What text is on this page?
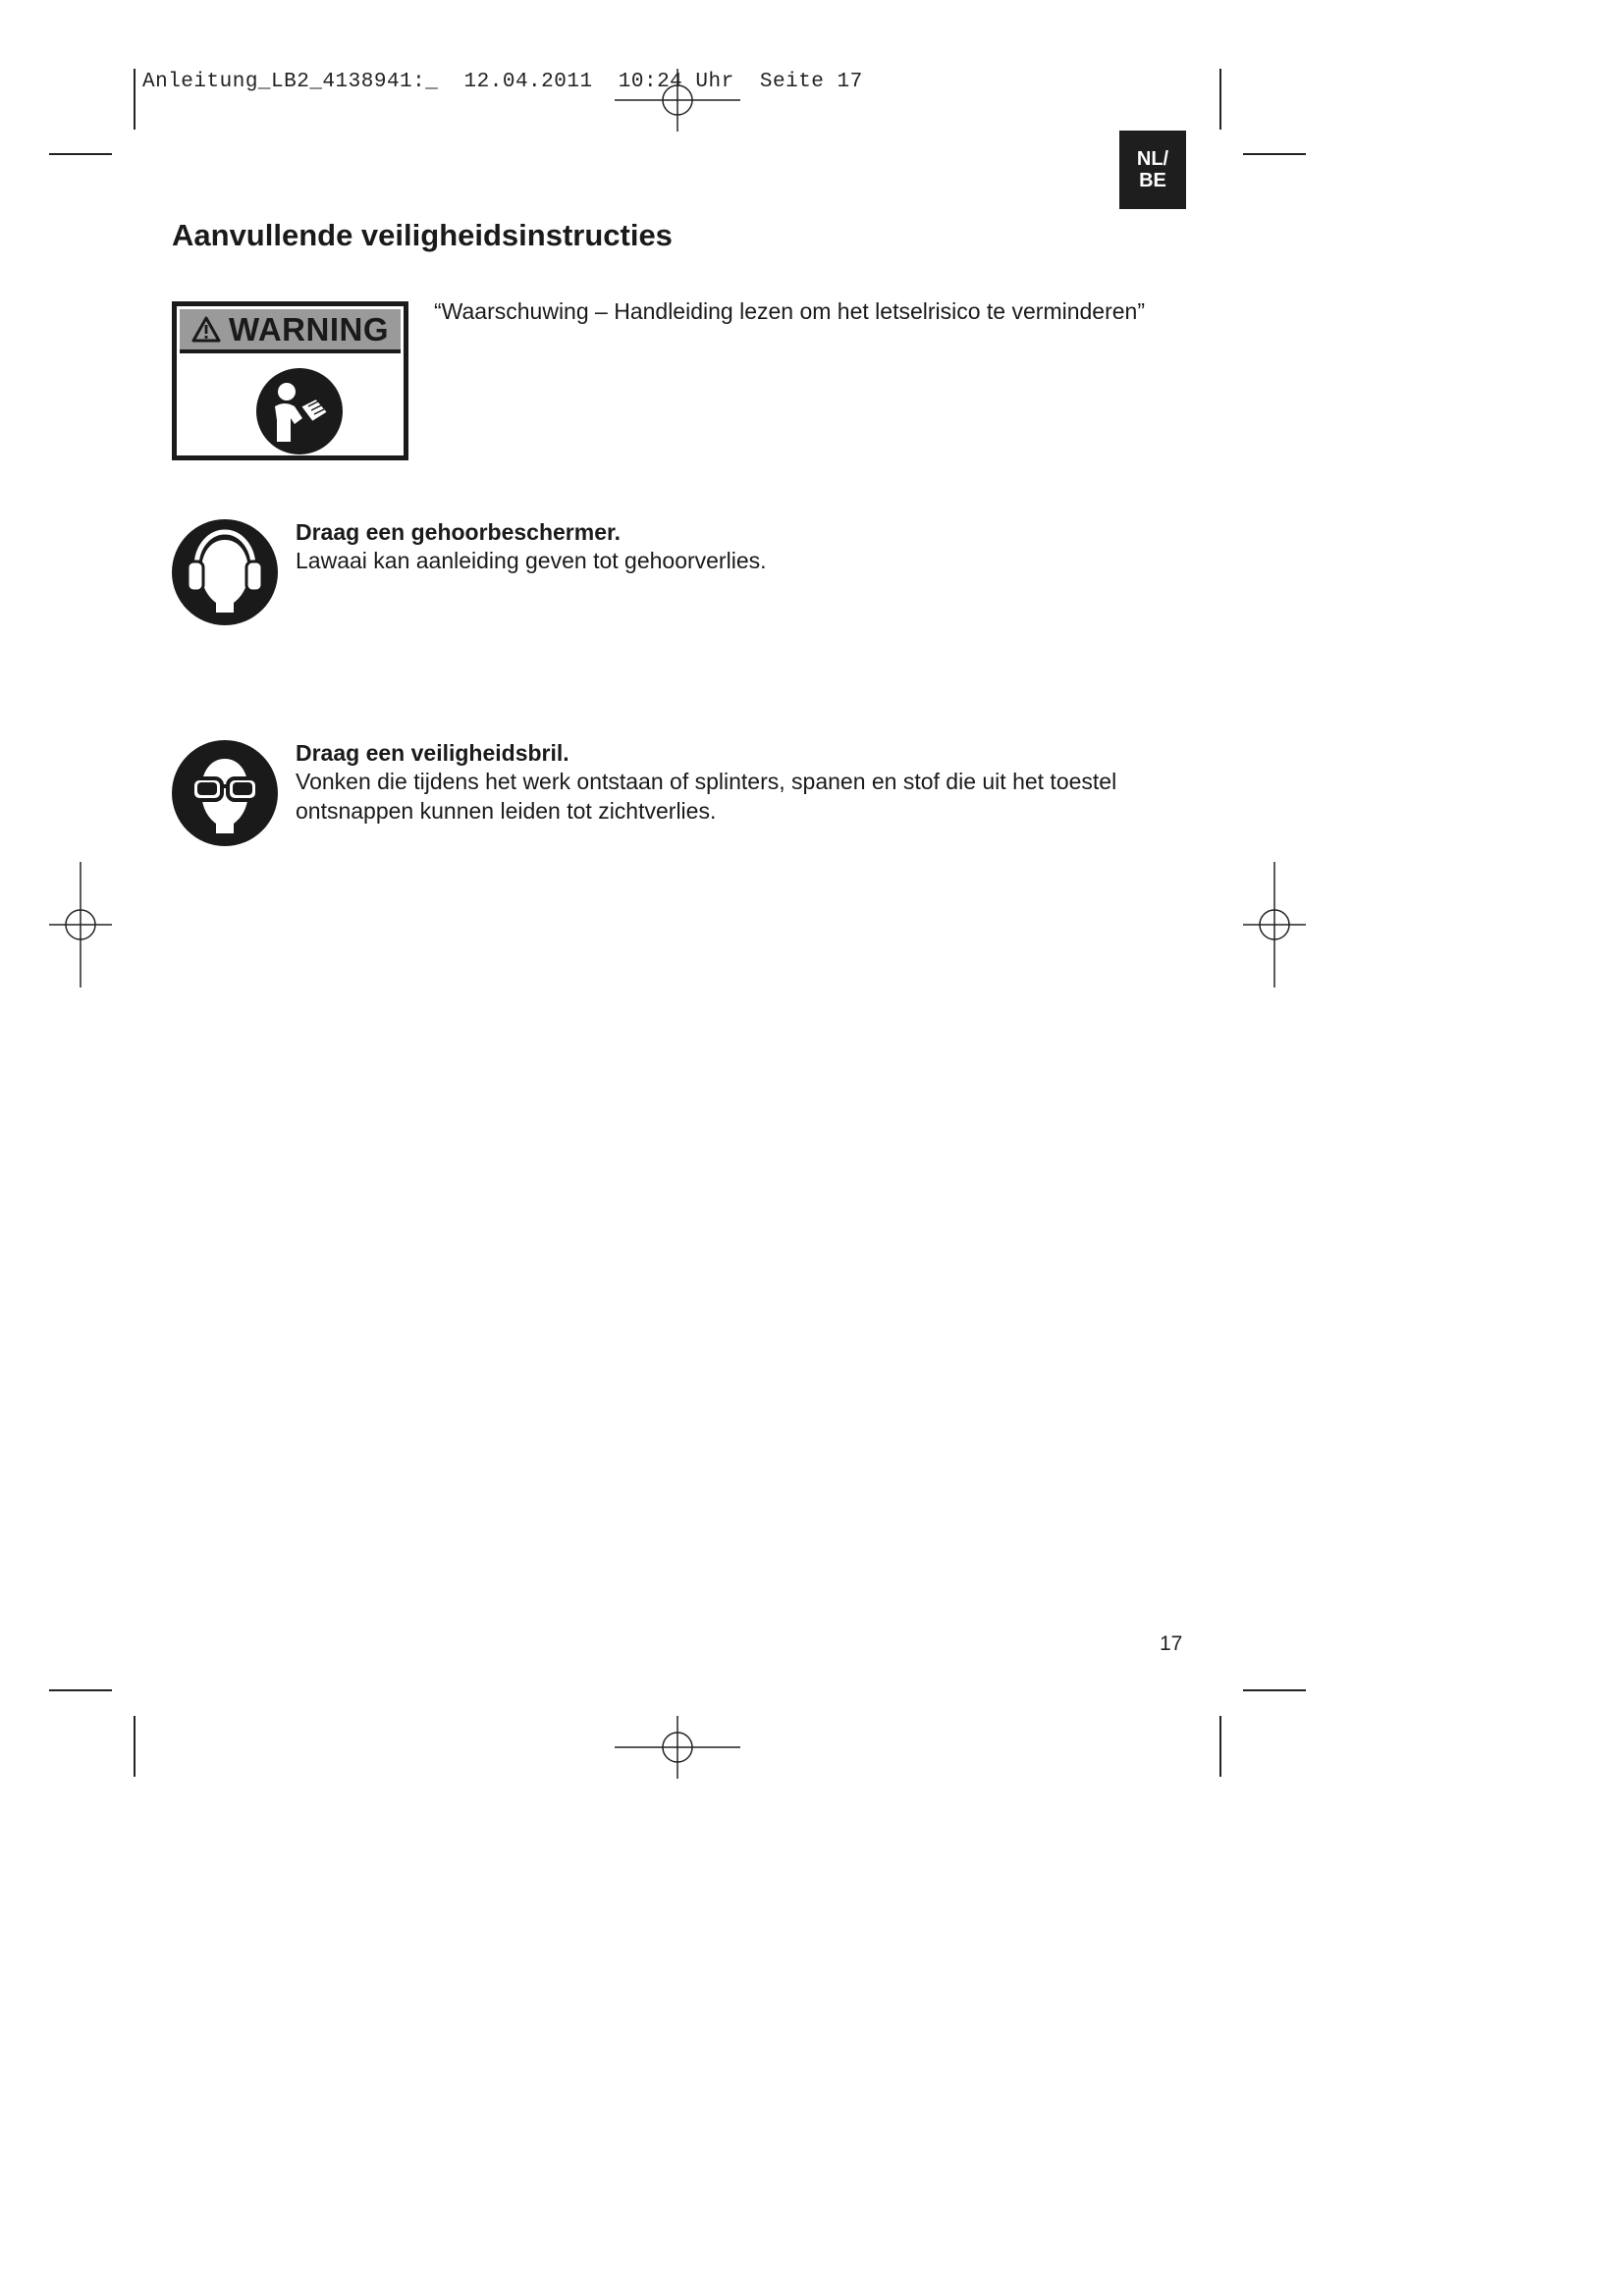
Anleitung_LB2_4138941:_  12.04.2011  10:24 Uhr  Seite 17
NL/
BE
Aanvullende veiligheidsinstructies
WARNING “Waarschuwing – Handleiding lezen om het letselrisico te verminderen”
Draag een gehoorbeschermer.
Lawaai kan aanleiding geven tot gehoorverlies.
Draag een veiligheidsbril.
Vonken die tijdens het werk ontstaan of splinters, spanen en stof die uit het toestel
ontsnappen kunnen leiden tot zichtverlies.
17
